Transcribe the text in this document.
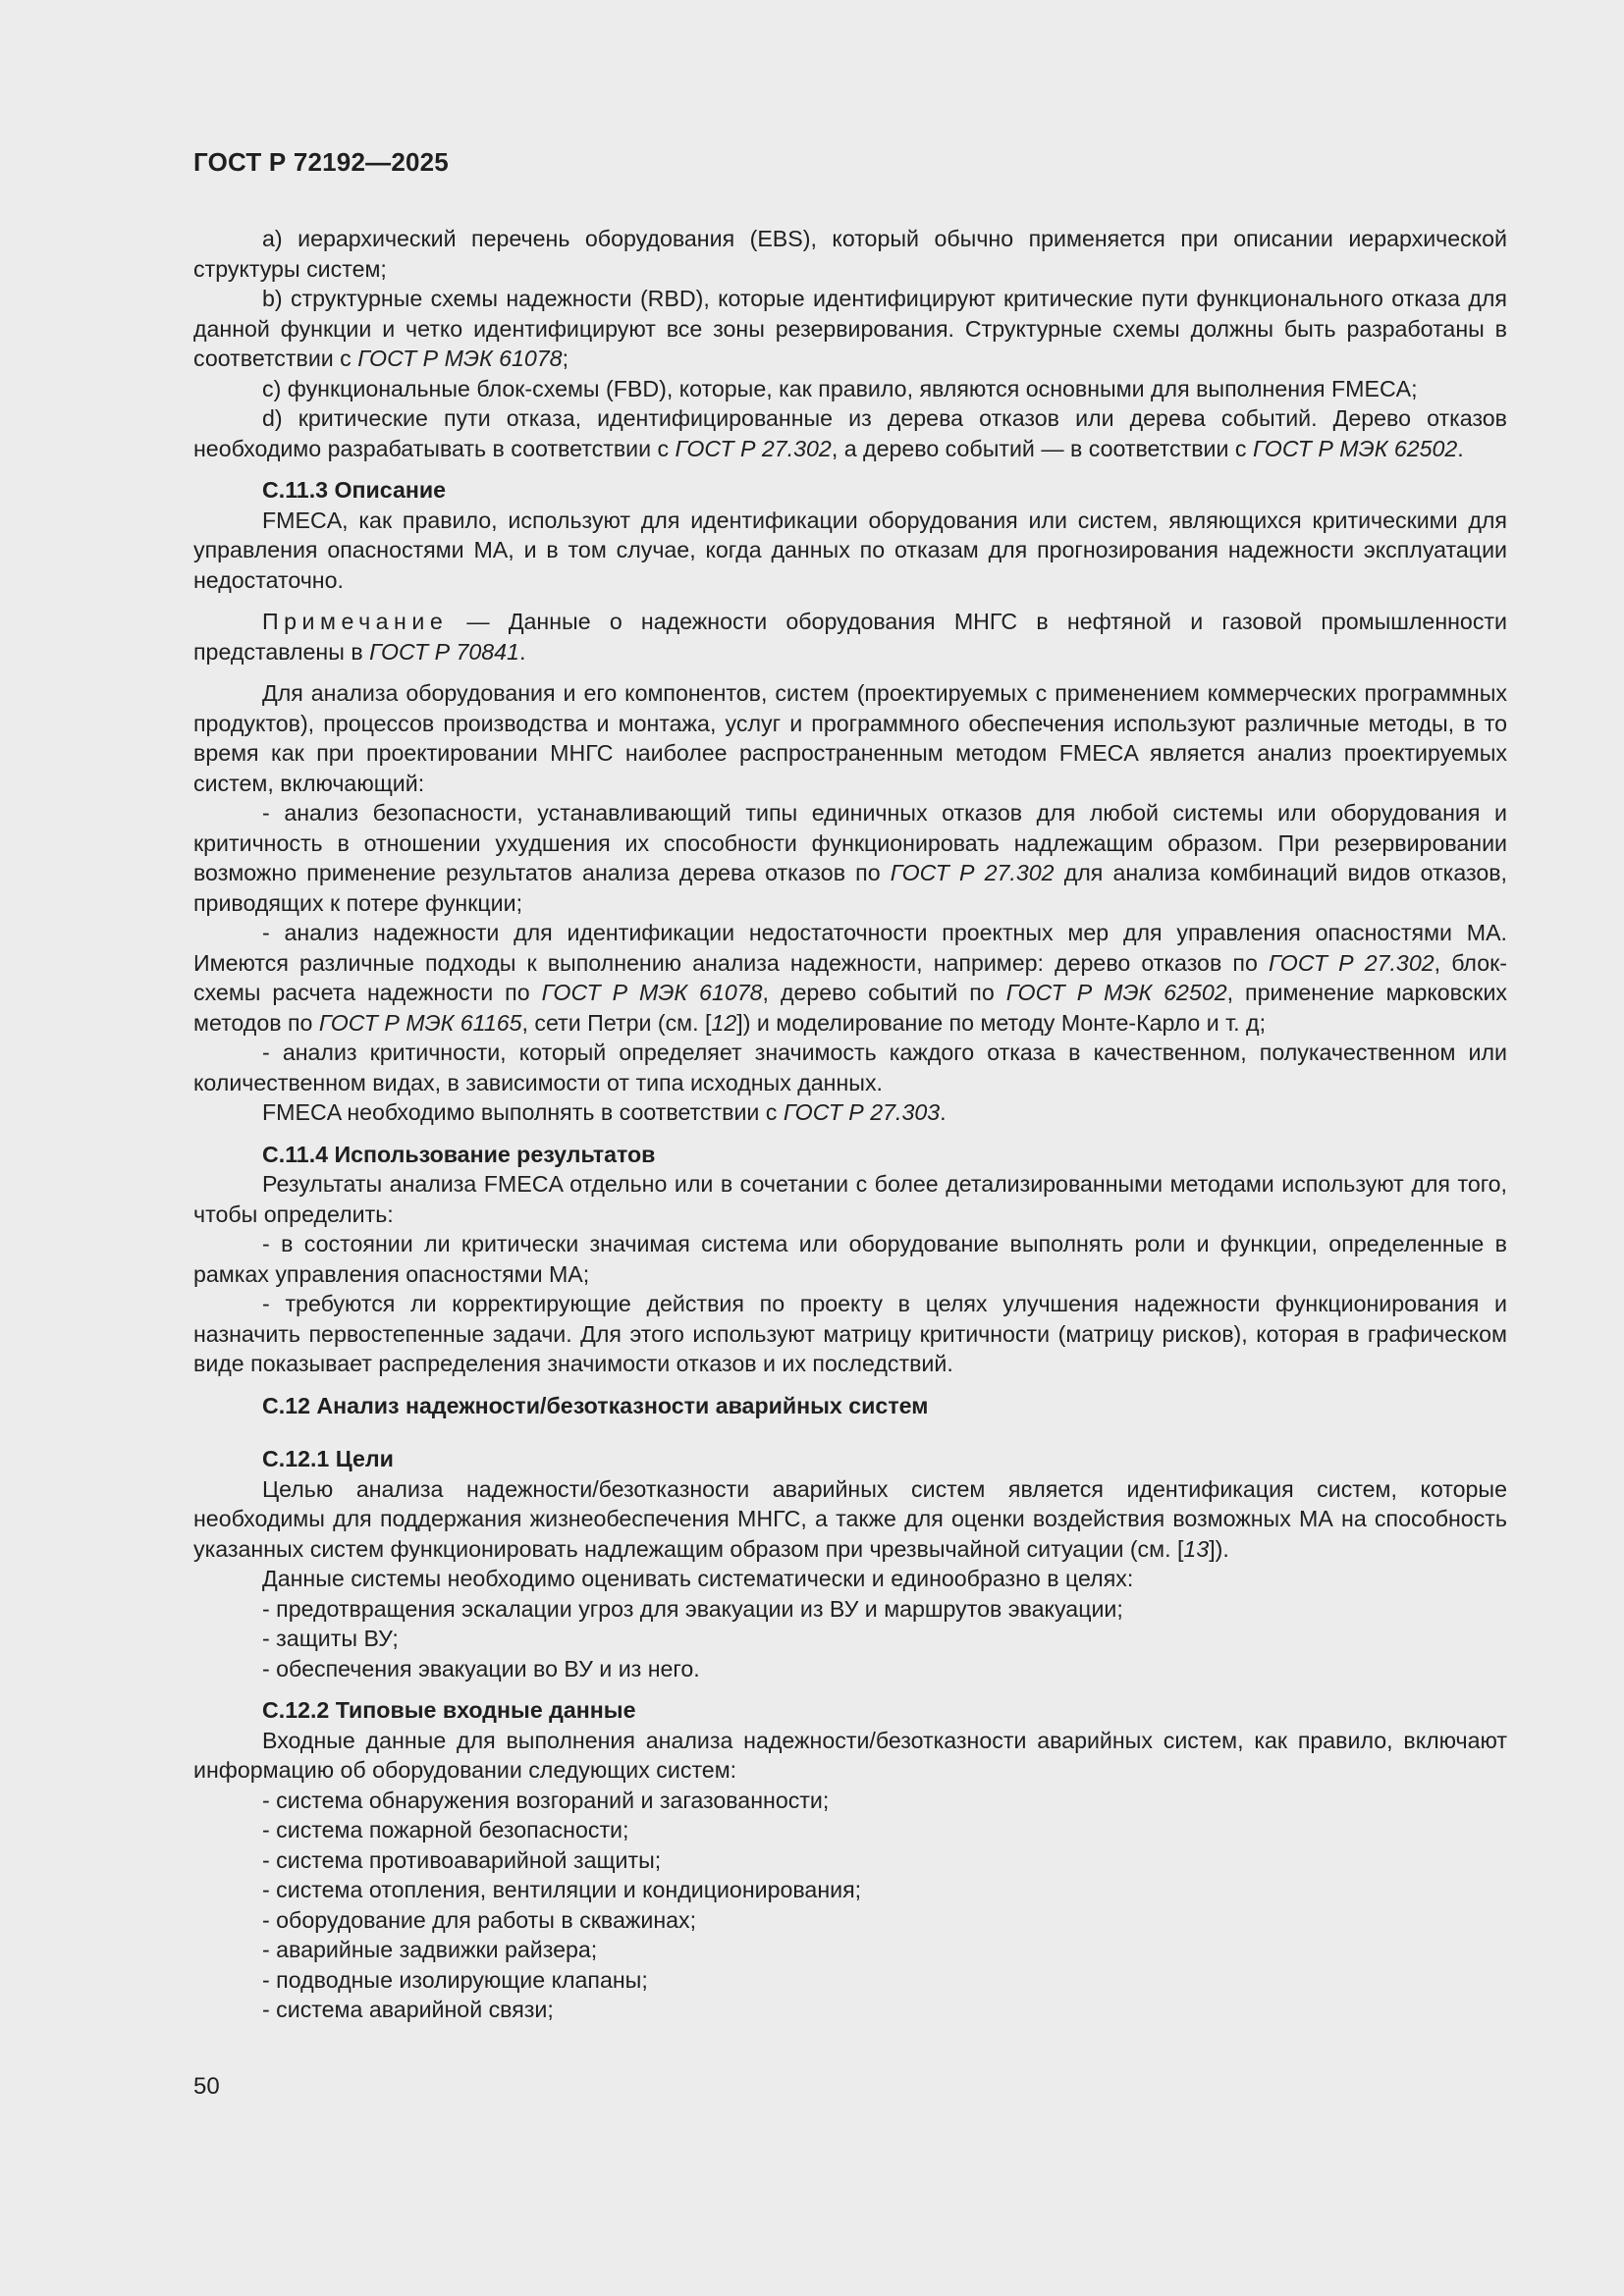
ГОСТ Р 72192—2025

a) иерархический перечень оборудования (EBS), который обычно применяется при описании иерархической структуры систем;

b) структурные схемы надежности (RBD), которые идентифицируют критические пути функционального отказа для данной функции и четко идентифицируют все зоны резервирования. Структурные схемы должны быть разработаны в соответствии с ГОСТ Р МЭК 61078;

c) функциональные блок-схемы (FBD), которые, как правило, являются основными для выполнения FMECA;

d) критические пути отказа, идентифицированные из дерева отказов или дерева событий. Дерево отказов необходимо разрабатывать в соответствии с ГОСТ Р 27.302, а дерево событий — в соответствии с ГОСТ Р МЭК 62502.

С.11.3 Описание

FMECA, как правило, используют для идентификации оборудования или систем, являющихся критическими для управления опасностями МА, и в том случае, когда данных по отказам для прогнозирования надежности эксплуатации недостаточно.

Примечание — Данные о надежности оборудования МНГС в нефтяной и газовой промышленности представлены в ГОСТ Р 70841.

Для анализа оборудования и его компонентов, систем (проектируемых с применением коммерческих программных продуктов), процессов производства и монтажа, услуг и программного обеспечения используют различные методы, в то время как при проектировании МНГС наиболее распространенным методом FMECA является анализ проектируемых систем, включающий:

- анализ безопасности, устанавливающий типы единичных отказов для любой системы или оборудования и критичность в отношении ухудшения их способности функционировать надлежащим образом. При резервировании возможно применение результатов анализа дерева отказов по ГОСТ Р 27.302 для анализа комбинаций видов отказов, приводящих к потере функции;

- анализ надежности для идентификации недостаточности проектных мер для управления опасностями МА. Имеются различные подходы к выполнению анализа надежности, например: дерево отказов по ГОСТ Р 27.302, блок-схемы расчета надежности по ГОСТ Р МЭК 61078, дерево событий по ГОСТ Р МЭК 62502, применение марковских методов по ГОСТ Р МЭК 61165, сети Петри (см. [12]) и моделирование по методу Монте-Карло и т. д;

- анализ критичности, который определяет значимость каждого отказа в качественном, полукачественном или количественном видах, в зависимости от типа исходных данных.

FMECA необходимо выполнять в соответствии с ГОСТ Р 27.303.

С.11.4 Использование результатов

Результаты анализа FMECA отдельно или в сочетании с более детализированными методами используют для того, чтобы определить:

- в состоянии ли критически значимая система или оборудование выполнять роли и функции, определенные в рамках управления опасностями МА;

- требуются ли корректирующие действия по проекту в целях улучшения надежности функционирования и назначить первостепенные задачи. Для этого используют матрицу критичности (матрицу рисков), которая в графическом виде показывает распределения значимости отказов и их последствий.

С.12 Анализ надежности/безотказности аварийных систем

С.12.1 Цели

Целью анализа надежности/безотказности аварийных систем является идентификация систем, которые необходимы для поддержания жизнеобеспечения МНГС, а также для оценки воздействия возможных МА на способность указанных систем функционировать надлежащим образом при чрезвычайной ситуации (см. [13]).

Данные системы необходимо оценивать систематически и единообразно в целях:

- предотвращения эскалации угроз для эвакуации из ВУ и маршрутов эвакуации;

- защиты ВУ;

- обеспечения эвакуации во ВУ и из него.

С.12.2 Типовые входные данные

Входные данные для выполнения анализа надежности/безотказности аварийных систем, как правило, включают информацию об оборудовании следующих систем:

- система обнаружения возгораний и загазованности;

- система пожарной безопасности;

- система противоаварийной защиты;

- система отопления, вентиляции и кондиционирования;

- оборудование для работы в скважинах;

- аварийные задвижки райзера;

- подводные изолирующие клапаны;

- система аварийной связи;

50
